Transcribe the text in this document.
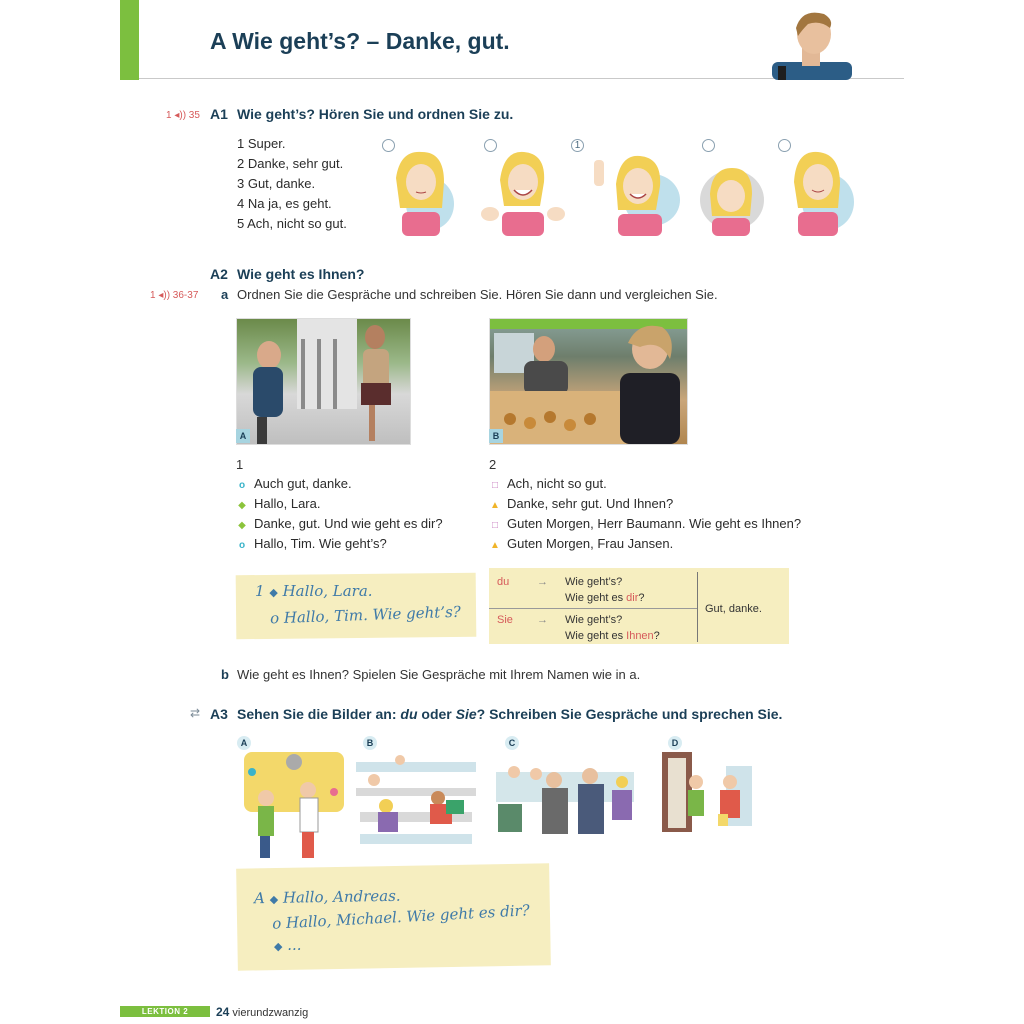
A Wie geht’s? – Danke, gut.
1 ◂)) 35 A1 Wie geht’s? Hören Sie und ordnen Sie zu.
1 Super.
2 Danke, sehr gut.
3 Gut, danke.
4 Na ja, es geht.
5 Ach, nicht so gut.
1
A2 Wie geht es Ihnen?
1 ◂)) 36-37 a Ordnen Sie die Gespräche und schreiben Sie. Hören Sie dann und vergleichen Sie.
A	B
1
o Auch gut, danke.
◆ Hallo, Lara.
◆ Danke, gut. Und wie geht es dir?
o Hallo, Tim. Wie geht’s?
2
□ Ach, nicht so gut.
▲ Danke, sehr gut. Und Ihnen?
□ Guten Morgen, Herr Baumann. Wie geht es Ihnen?
▲ Guten Morgen, Frau Jansen.
1 ◆ Hallo, Lara.
o Hallo, Tim. Wie geht’s?
du	→ Wie geht’s?
Wie geht es dir?
Sie → Wie geht’s?
Wie geht es Ihnen?
Gut, danke.
b Wie geht es Ihnen? Spielen Sie Gespräche mit Ihrem Namen wie in a.
⇄ A3 Sehen Sie die Bilder an: du oder Sie? Schreiben Sie Gespräche und sprechen Sie.
A	B	C	D
A ◆ Hallo, Andreas.
o Hallo, Michael. Wie geht es dir?
◆ ...
LEKTION 2	24 vierundzwanzig
